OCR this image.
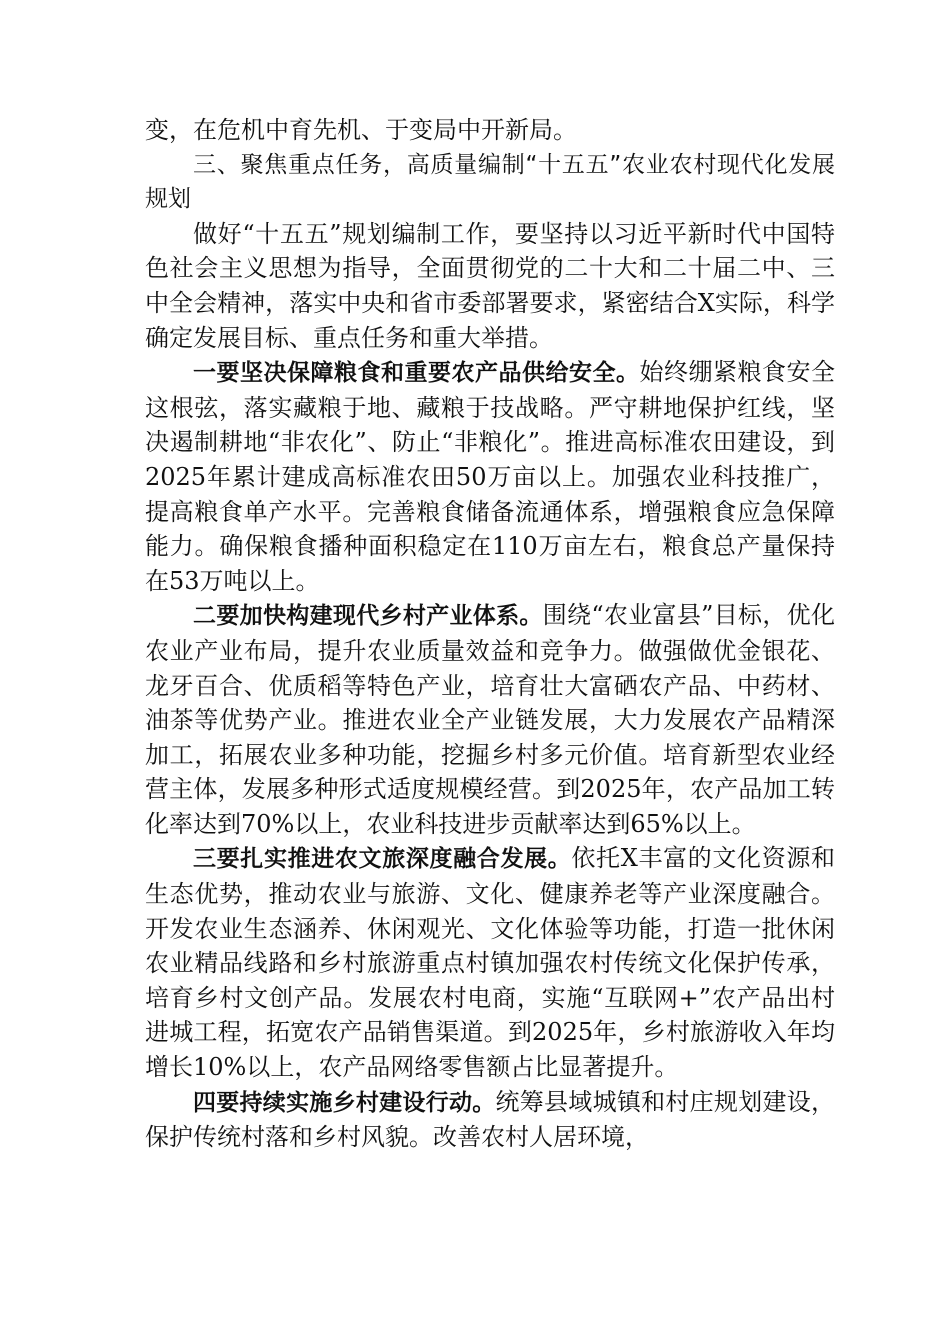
变，在危机中育先机、于变局中开新局。

三、聚焦重点任务，高质量编制“十五五”农业农村现代化发展规划

做好“十五五”规划编制工作，要坚持以习近平新时代中国特色社会主义思想为指导，全面贯彻党的二十大和二十届二中、三中全会精神，落实中央和省市委部署要求，紧密结合X实际，科学确定发展目标、重点任务和重大举措。

一要坚决保障粮食和重要农产品供给安全。始终绷紧粮食安全这根弦，落实藏粮于地、藏粮于技战略。严守耕地保护红线，坚决遏制耕地“非农化”、防止“非粮化”。推进高标准农田建设，到2025年累计建成高标准农田50万亩以上。加强农业科技推广，提高粮食单产水平。完善粮食储备流通体系，增强粮食应急保障能力。确保粮食播种面积稳定在110万亩左右，粮食总产量保持在53万吨以上。

二要加快构建现代乡村产业体系。围绕“农业富县”目标，优化农业产业布局，提升农业质量效益和竞争力。做强做优金银花、龙牙百合、优质稻等特色产业，培育壮大富硒农产品、中药材、油茶等优势产业。推进农业全产业链发展，大力发展农产品精深加工，拓展农业多种功能，挖掘乡村多元价值。培育新型农业经营主体，发展多种形式适度规模经营。到2025年，农产品加工转化率达到70%以上，农业科技进步贡献率达到65%以上。

三要扎实推进农文旅深度融合发展。依托X丰富的文化资源和生态优势，推动农业与旅游、文化、健康养老等产业深度融合。开发农业生态涵养、休闲观光、文化体验等功能，打造一批休闲农业精品线路和乡村旅游重点村镇加强农村传统文化保护传承，培育乡村文创产品。发展农村电商，实施“互联网+”农产品出村进城工程，拓宽农产品销售渠道。到2025年，乡村旅游收入年均增长10%以上，农产品网络零售额占比显著提升。

四要持续实施乡村建设行动。统筹县域城镇和村庄规划建设，保护传统村落和乡村风貌。改善农村人居环境，
